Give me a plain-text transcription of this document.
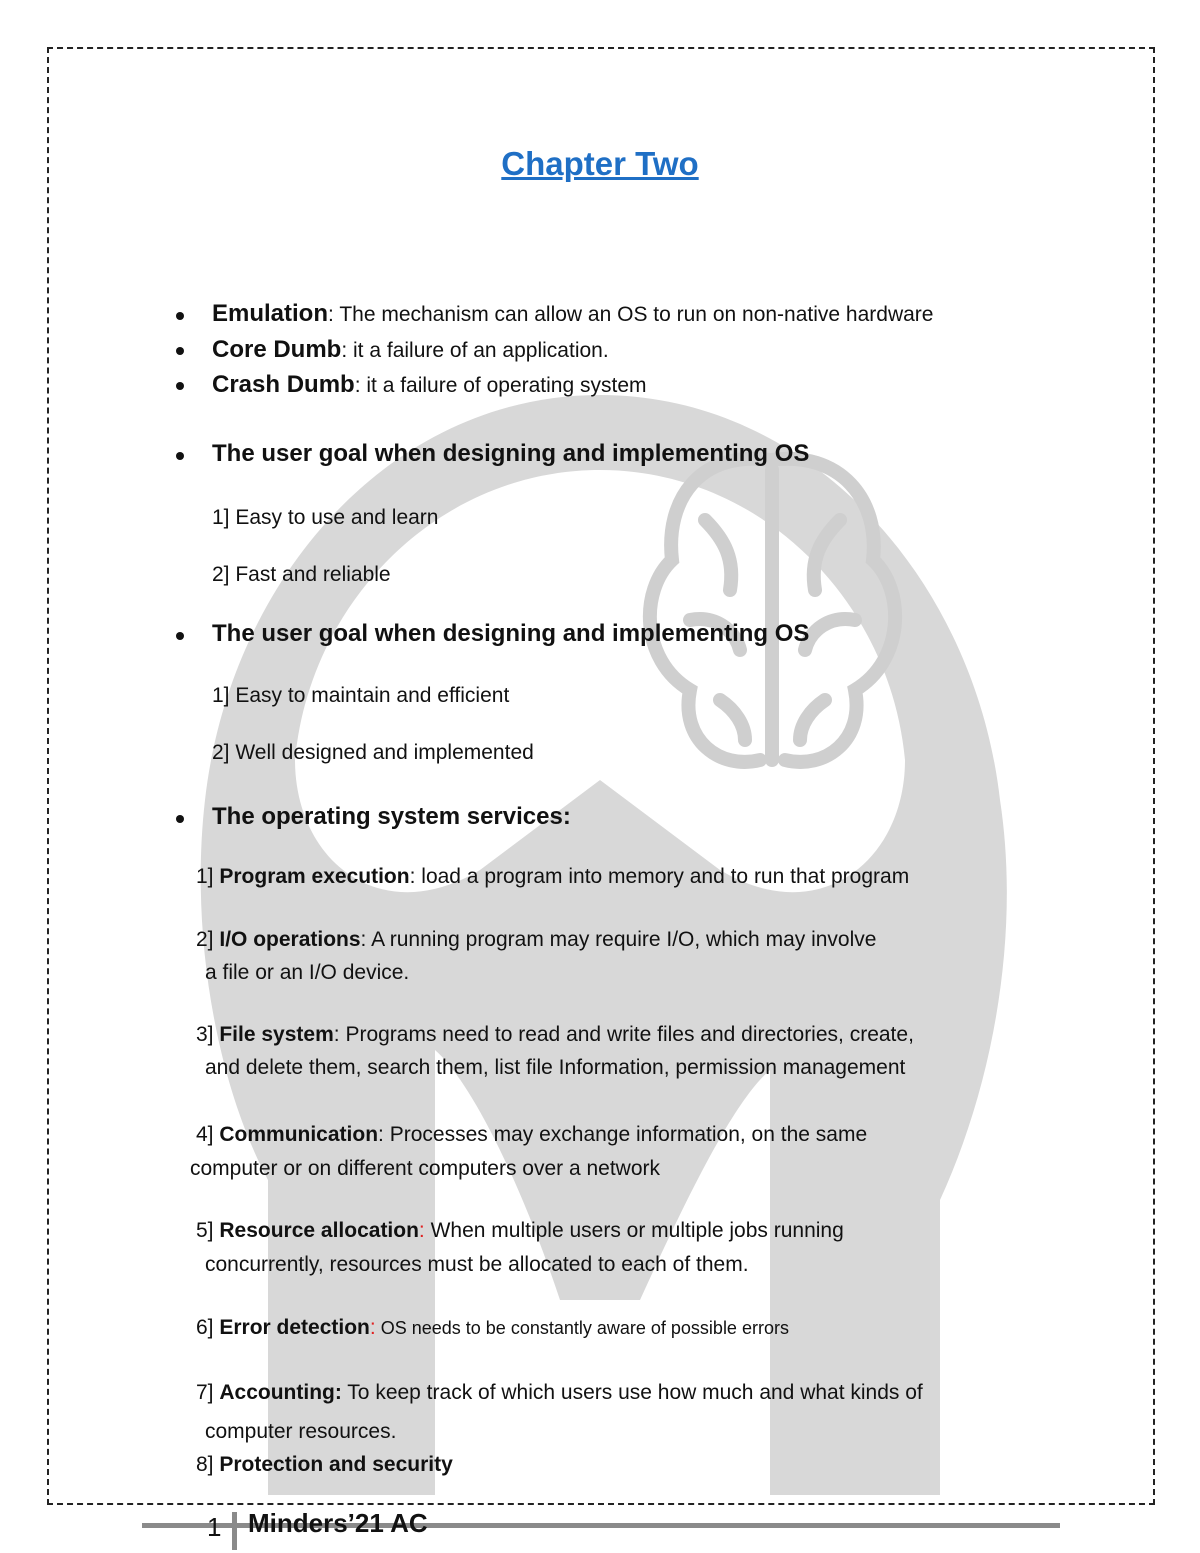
Chapter Two
Emulation: The mechanism can allow an OS to run on non-native hardware
Core Dumb: it a failure of an application.
Crash Dumb: it a failure of operating system
The user goal when designing and implementing OS
1] Easy to use and learn
2] Fast and reliable
The user goal when designing and implementing OS
1] Easy to maintain and efficient
2] Well designed and implemented
The operating system services:
1] Program execution: load a program into memory and to run that program
2] I/O operations: A running program may require I/O, which may involve
a file or an I/O device.
3] File system: Programs need to read and write files and directories, create,
and delete them, search them, list file Information, permission management
4] Communication: Processes may exchange information, on the same
computer or on different computers over a network
5] Resource allocation: When multiple users or multiple jobs running
concurrently, resources must be allocated to each of them.
6] Error detection: OS needs to be constantly aware of possible errors
7] Accounting: To keep track of which users use how much and what kinds of
computer resources.
8] Protection and security
1 Minders’21 AC
